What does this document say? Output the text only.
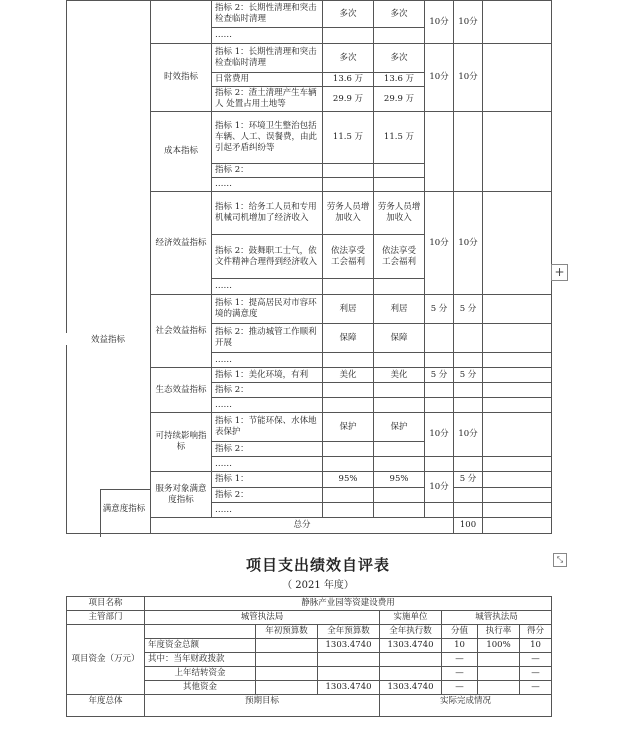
		指标 2：长期性清理和突击检查临时清理	多次	多次	10分	10分		
		……						
	时效指标	指标 1：长期性清理和突击检查临时清理	多次	多次	10分	10分		
		日常费用	13.6 万	13.6 万				
		指标 2：渣土清理产生车辆人 处置占用土地等	29.9 万	29.9 万				
	成本指标	指标 1：环境卫生整治包括车辆、人工、误餐费，由此引起矛盾纠纷等	11.5 万	11.5 万				
		指标 2：						
		……						
	经济效益指标	指标 1：给务工人员和专用机械司机增加了经济收入	劳务人员增加收入	劳务人员增加收入	10分	10分		
		指标 2：鼓舞职工士气，依文件精神合理得到经济收入	依法享受 工会福利	依法享受 工会福利				
		……						
	社会效益指标	指标 1：提高居民对市容环境的满意度	利居	利居	5 分	5 分		
		指标 2：推动城管工作顺利开展	保障	保障				
		……						
	生态效益指标	指标 1：美化环境，有利	美化	美化	5 分	5 分		
		指标 2：						
		……						
	可持续影响指标	指标 1：节能环保、水体地表保护	保护	保护	10分	10分		
		指标 2：						
		……						
	服务对象满意度指标	指标 1：	95%	95%	10分	5 分		
		指标 2：						
		……						
	总分					100		
效益指标
满意度指标
+
⤡
项目支出绩效自评表
（ 2021 年度）
项目名称	静脉产业园等资建设费用						
主管部门	城管执法局			实施单位	城管执法局		
项目资金（万元）		年初预算数	全年预算数	全年执行数	分值	执行率	得分
	年度资金总额		1303.4740	1303.4740	10	100%	10
	其中：当年财政拨款				—		—
	上年结转资金				—		—
	其他资金		1303.4740	1303.4740	—		—
年度总体	预期目标			实际完成情况			
